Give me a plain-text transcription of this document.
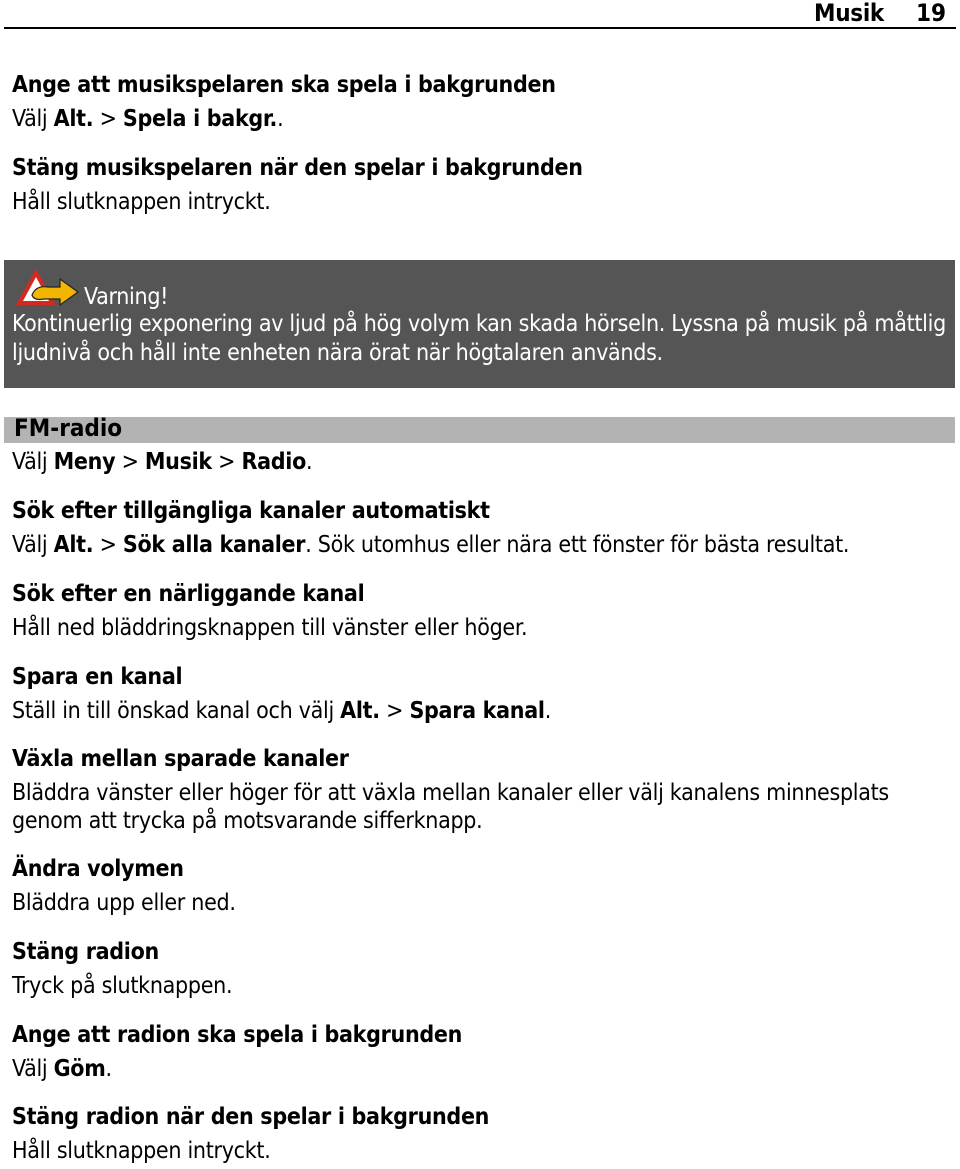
Musik 19
Ange att musikspelaren ska spela i bakgrunden
Välj Alt. > Spela i bakgr..
Stäng musikspelaren när den spelar i bakgrunden
Håll slutknappen intryckt.
Varning!
Kontinuerlig exponering av ljud på hög volym kan skada hörseln. Lyssna på musik på måttlig ljudnivå och håll inte enheten nära örat när högtalaren används.
FM-radio
Välj Meny > Musik > Radio.
Sök efter tillgängliga kanaler automatiskt
Välj Alt. > Sök alla kanaler. Sök utomhus eller nära ett fönster för bästa resultat.
Sök efter en närliggande kanal
Håll ned bläddringsknappen till vänster eller höger.
Spara en kanal
Ställ in till önskad kanal och välj Alt. > Spara kanal.
Växla mellan sparade kanaler
Bläddra vänster eller höger för att växla mellan kanaler eller välj kanalens minnesplats genom att trycka på motsvarande sifferknapp.
Ändra volymen
Bläddra upp eller ned.
Stäng radion
Tryck på slutknappen.
Ange att radion ska spela i bakgrunden
Välj Göm.
Stäng radion när den spelar i bakgrunden
Håll slutknappen intryckt.
